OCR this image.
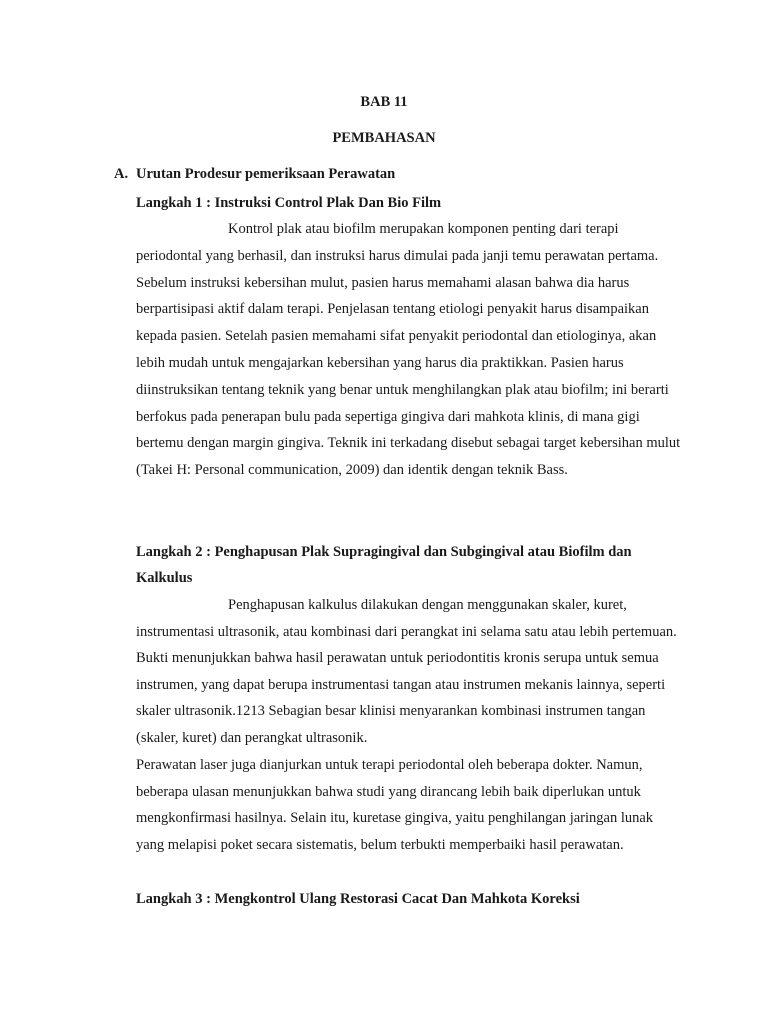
BAB 11
PEMBAHASAN
A. Urutan Prodesur pemeriksaan Perawatan
Langkah 1 : Instruksi Control Plak Dan Bio Film

Kontrol plak atau biofilm merupakan komponen penting dari terapi periodontal yang berhasil, dan instruksi harus dimulai pada janji temu perawatan pertama. Sebelum instruksi kebersihan mulut, pasien harus memahami alasan bahwa dia harus berpartisipasi aktif dalam terapi. Penjelasan tentang etiologi penyakit harus disampaikan kepada pasien. Setelah pasien memahami sifat penyakit periodontal dan etiologinya, akan lebih mudah untuk mengajarkan kebersihan yang harus dia praktikkan. Pasien harus diinstruksikan tentang teknik yang benar untuk menghilangkan plak atau biofilm; ini berarti berfokus pada penerapan bulu pada sepertiga gingiva dari mahkota klinis, di mana gigi bertemu dengan margin gingiva. Teknik ini terkadang disebut sebagai target kebersihan mulut (Takei H: Personal communication, 2009) dan identik dengan teknik Bass.

Langkah 2 : Penghapusan Plak Supragingival dan Subgingival atau Biofilm dan Kalkulus

Penghapusan kalkulus dilakukan dengan menggunakan skaler, kuret, instrumentasi ultrasonik, atau kombinasi dari perangkat ini selama satu atau lebih pertemuan. Bukti menunjukkan bahwa hasil perawatan untuk periodontitis kronis serupa untuk semua instrumen, yang dapat berupa instrumentasi tangan atau instrumen mekanis lainnya, seperti skaler ultrasonik.1213 Sebagian besar klinisi menyarankan kombinasi instrumen tangan (skaler, kuret) dan perangkat ultrasonik.

Perawatan laser juga dianjurkan untuk terapi periodontal oleh beberapa dokter. Namun, beberapa ulasan menunjukkan bahwa studi yang dirancang lebih baik diperlukan untuk mengkonfirmasi hasilnya. Selain itu, kuretase gingiva, yaitu penghilangan jaringan lunak yang melapisi poket secara sistematis, belum terbukti memperbaiki hasil perawatan.

Langkah 3 : Mengkontrol Ulang Restorasi Cacat Dan Mahkota Koreksi
